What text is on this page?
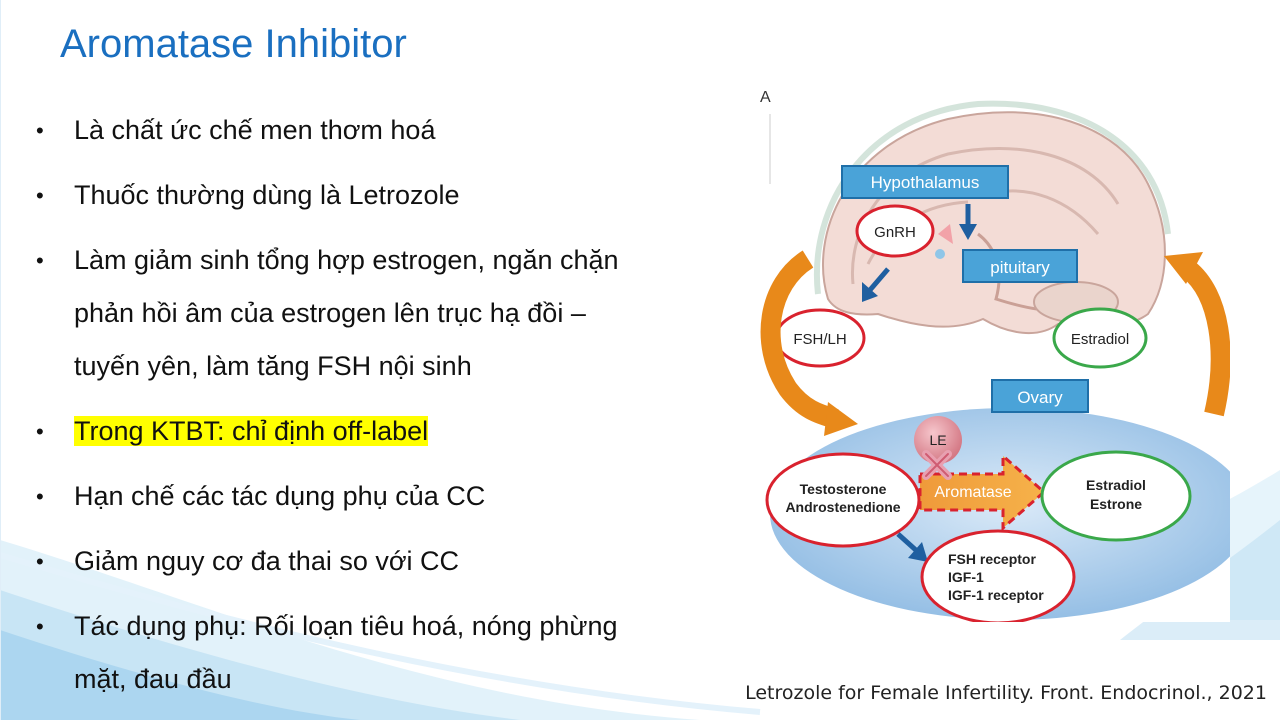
Aromatase Inhibitor
• Là chất ức chế men thơm hoá
• Thuốc thường dùng là Letrozole
• Làm giảm sinh tổng hợp estrogen, ngăn chặn phản hồi âm của estrogen lên trục hạ đồi – tuyến yên, làm tăng FSH nội sinh
• Trong KTBT: chỉ định off-label
• Hạn chế các tác dụng phụ của CC
• Giảm nguy cơ đa thai so với CC
• Tác dụng phụ: Rối loạn tiêu hoá, nóng phừng mặt, đau đầu
A
Hypothalamus
GnRH
pituitary
FSH/LH	Estradiol
Ovary
LE
Aromatase
Testosterone
Androstenedione
Estradiol
Estrone
FSH receptor
IGF-1
IGF-1 receptor
Letrozole for Female Infertility. Front. Endocrinol., 2021
